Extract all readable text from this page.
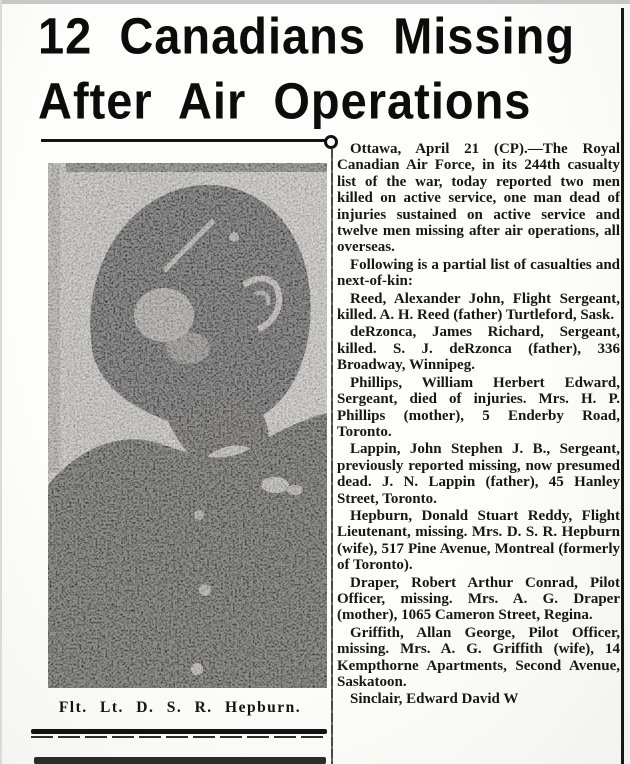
12 Canadians Missing
After Air Operations
Flt. Lt. D. S. R. Hepburn.

Ottawa, April 21 (CP).—The Royal Canadian Air Force, in its 244th casualty list of the war, today reported two men killed on active service, one man dead of injuries sustained on active service and twelve men missing after air operations, all overseas.

Following is a partial list of casualties and next-of-kin:

Reed, Alexander John, Flight Sergeant, killed. A. H. Reed (father) Turtleford, Sask.

deRzonca, James Richard, Sergeant, killed. S. J. deRzonca (father), 336 Broadway, Winnipeg.

Phillips, William Herbert Edward, Sergeant, died of injuries. Mrs. H. P. Phillips (mother), 5 Enderby Road, Toronto.

Lappin, John Stephen J. B., Sergeant, previously reported missing, now presumed dead. J. N. Lappin (father), 45 Hanley Street, Toronto.

Hepburn, Donald Stuart Reddy, Flight Lieutenant, missing. Mrs. D. S. R. Hepburn (wife), 517 Pine Avenue, Montreal (formerly of Toronto).

Draper, Robert Arthur Conrad, Pilot Officer, missing. Mrs. A. G. Draper (mother), 1065 Cameron Street, Regina.

Griffith, Allan George, Pilot Officer, missing. Mrs. A. G. Griffith (wife), 14 Kempthorne Apartments, Second Avenue, Saskatoon.

Sinclair, Edward David W
